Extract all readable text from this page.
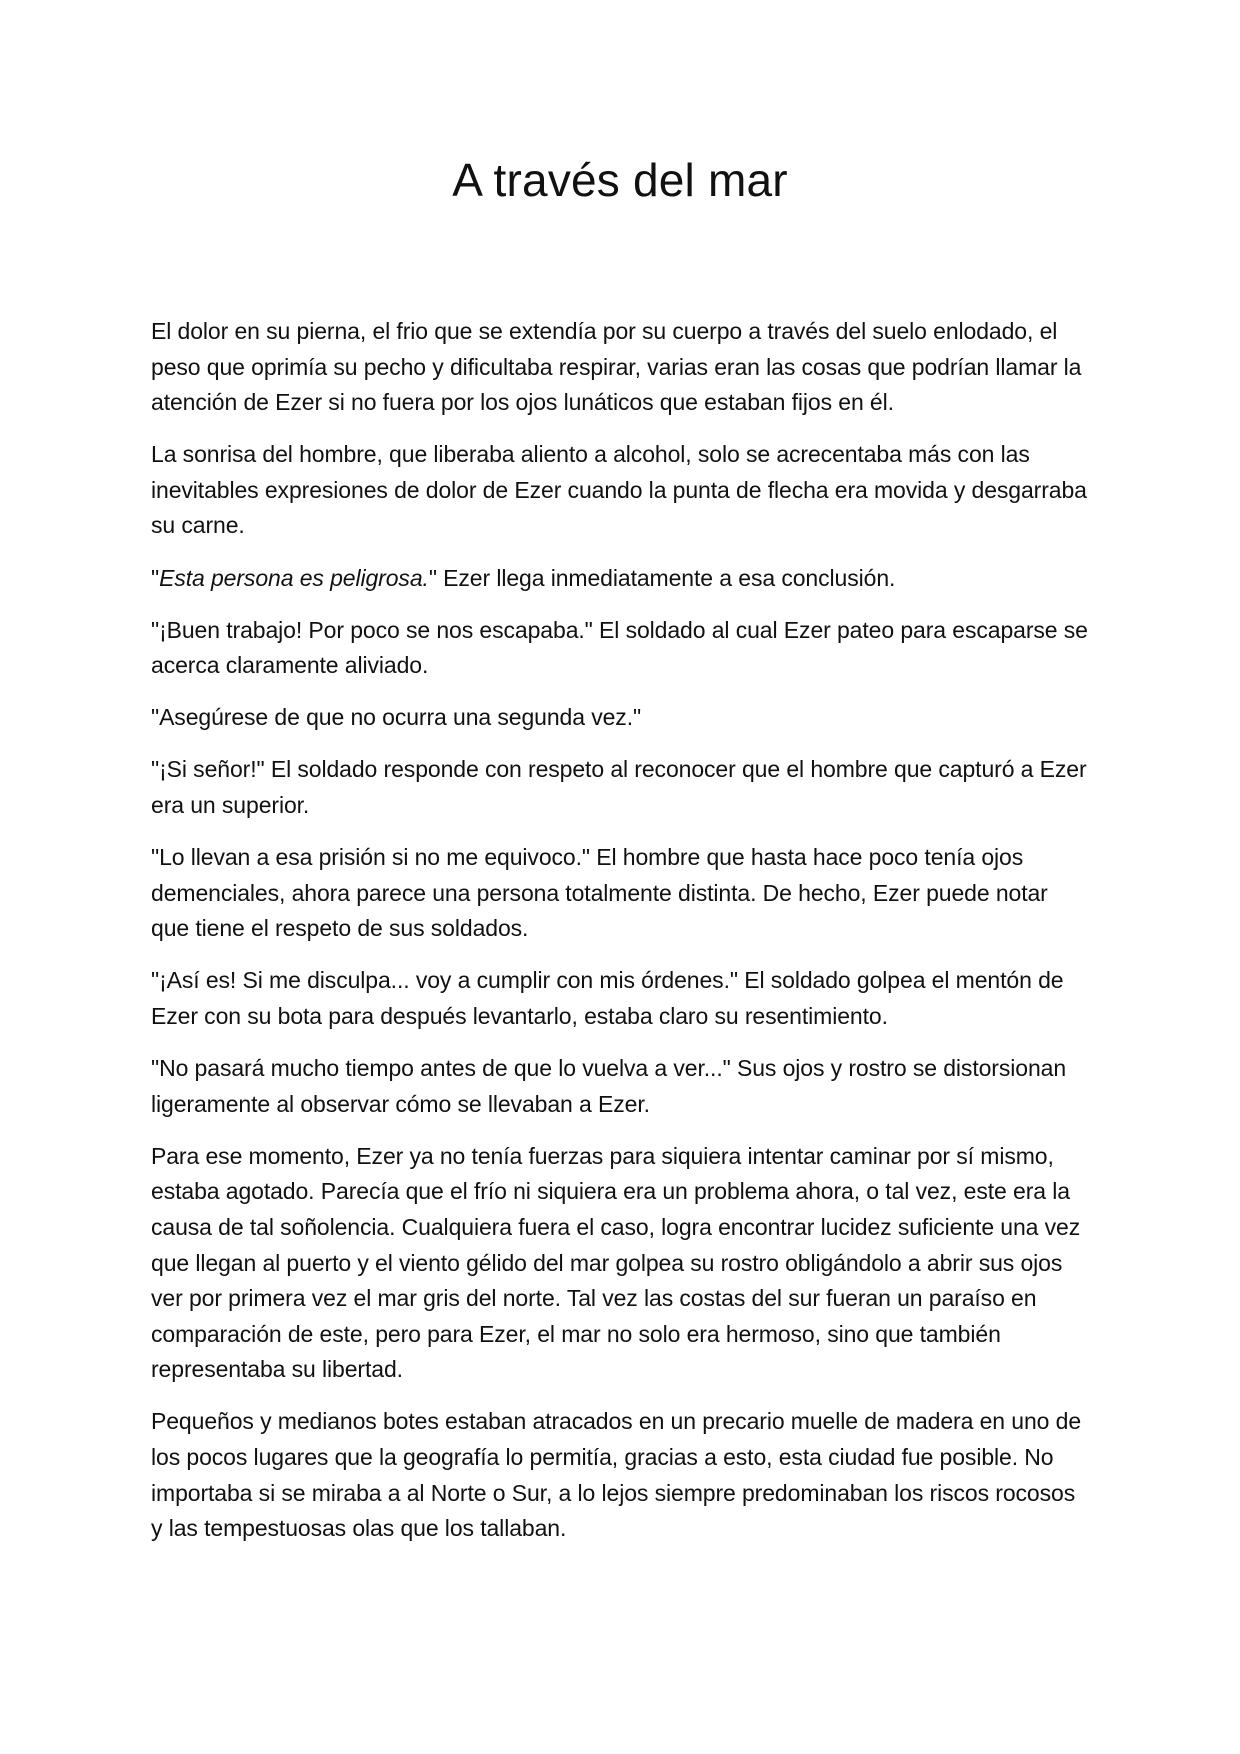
A través del mar

El dolor en su pierna, el frio que se extendía por su cuerpo a través del suelo enlodado, el peso que oprimía su pecho y dificultaba respirar, varias eran las cosas que podrían llamar la atención de Ezer si no fuera por los ojos lunáticos que estaban fijos en él.

La sonrisa del hombre, que liberaba aliento a alcohol, solo se acrecentaba más con las inevitables expresiones de dolor de Ezer cuando la punta de flecha era movida y desgarraba su carne.

"Esta persona es peligrosa." Ezer llega inmediatamente a esa conclusión.

"¡Buen trabajo! Por poco se nos escapaba." El soldado al cual Ezer pateo para escaparse se acerca claramente aliviado.

"Asegúrese de que no ocurra una segunda vez."

"¡Si señor!" El soldado responde con respeto al reconocer que el hombre que capturó a Ezer era un superior.

"Lo llevan a esa prisión si no me equivoco." El hombre que hasta hace poco tenía ojos demenciales, ahora parece una persona totalmente distinta. De hecho, Ezer puede notar que tiene el respeto de sus soldados.

"¡Así es! Si me disculpa... voy a cumplir con mis órdenes." El soldado golpea el mentón de Ezer con su bota para después levantarlo, estaba claro su resentimiento.

"No pasará mucho tiempo antes de que lo vuelva a ver..." Sus ojos y rostro se distorsionan ligeramente al observar cómo se llevaban a Ezer.

Para ese momento, Ezer ya no tenía fuerzas para siquiera intentar caminar por sí mismo, estaba agotado. Parecía que el frío ni siquiera era un problema ahora, o tal vez, este era la causa de tal soñolencia. Cualquiera fuera el caso, logra encontrar lucidez suficiente una vez que llegan al puerto y el viento gélido del mar golpea su rostro obligándolo a abrir sus ojos ver por primera vez el mar gris del norte. Tal vez las costas del sur fueran un paraíso en comparación de este, pero para Ezer, el mar no solo era hermoso, sino que también representaba su libertad.

Pequeños y medianos botes estaban atracados en un precario muelle de madera en uno de los pocos lugares que la geografía lo permitía, gracias a esto, esta ciudad fue posible. No importaba si se miraba a al Norte o Sur, a lo lejos siempre predominaban los riscos rocosos y las tempestuosas olas que los tallaban.
